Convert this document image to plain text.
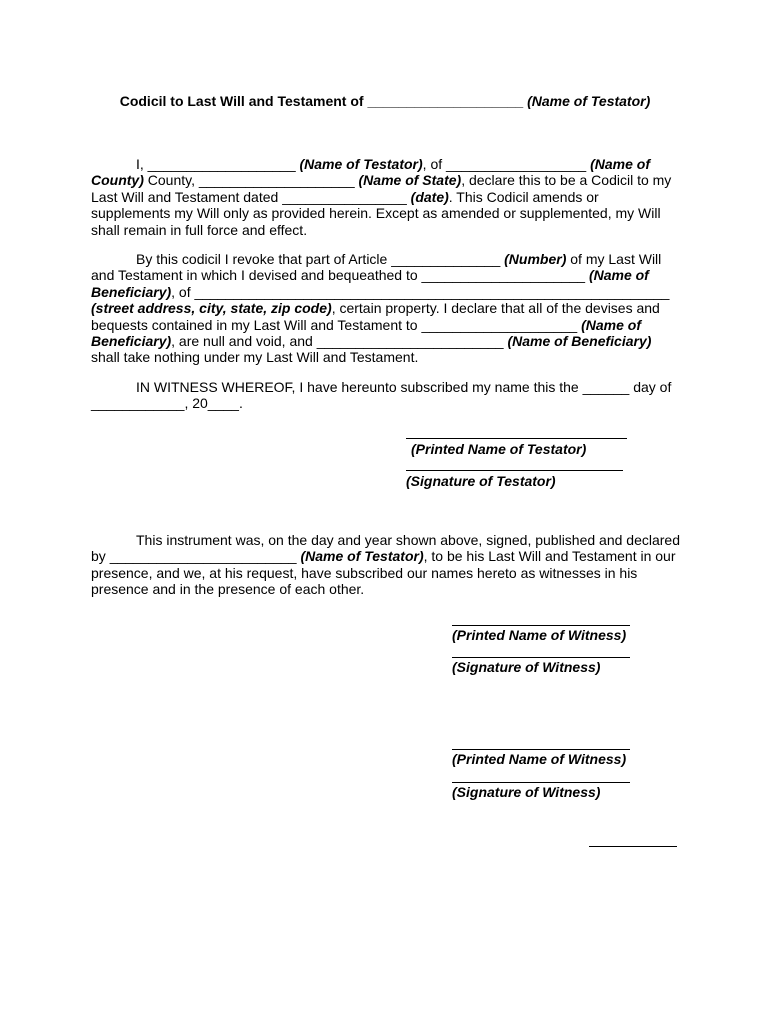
Codicil to Last Will and Testament of ____________________ (Name of Testator)
I, ___________________ (Name of Testator), of __________________ (Name of County) County, ____________________ (Name of State), declare this to be a Codicil to my Last Will and Testament dated ________________ (date). This Codicil amends or supplements my Will only as provided herein. Except as amended or supplemented, my Will shall remain in full force and effect.
By this codicil I revoke that part of Article ______________ (Number) of my Last Will and Testament in which I devised and bequeathed to _____________________ (Name of Beneficiary), of _____________________________________________________________ (street address, city, state, zip code), certain property. I declare that all of the devises and bequests contained in my Last Will and Testament to ____________________ (Name of Beneficiary), are null and void, and ________________________ (Name of Beneficiary) shall take nothing under my Last Will and Testament.
IN WITNESS WHEREOF, I have hereunto subscribed my name this the ______ day of ____________, 20____.
(Printed Name of Testator)
(Signature of Testator)
This instrument was, on the day and year shown above, signed, published and declared by ________________________ (Name of Testator), to be his Last Will and Testament in our presence, and we, at his request, have subscribed our names hereto as witnesses in his presence and in the presence of each other.
(Printed Name of Witness)
(Signature of Witness)
(Printed Name of Witness)
(Signature of Witness)
